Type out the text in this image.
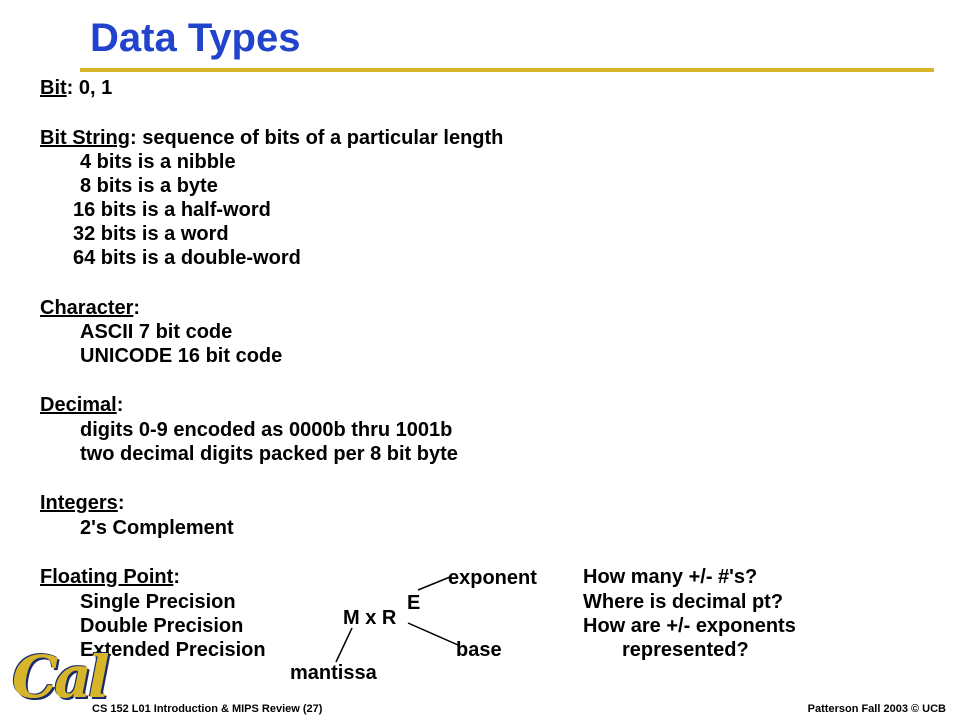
Data Types
Bit: 0, 1
Bit String: sequence of bits of a particular length
4 bits is a nibble
8 bits is a byte
16 bits is a half-word
32 bits is a word
64 bits is a double-word
Character:
ASCII 7 bit code
UNICODE 16 bit code
Decimal:
digits 0-9 encoded as 0000b thru 1001b
two decimal digits packed per 8 bit byte
Integers:
2's Complement
Floating Point:
Single Precision
Double Precision
Extended Precision
exponent
E
M x R
base
mantissa
How many +/- #'s?
Where is decimal pt?
How are +/- exponents
represented?
Cal
CS 152 L01 Introduction & MIPS Review (27)	Patterson Fall 2003 © UCB
